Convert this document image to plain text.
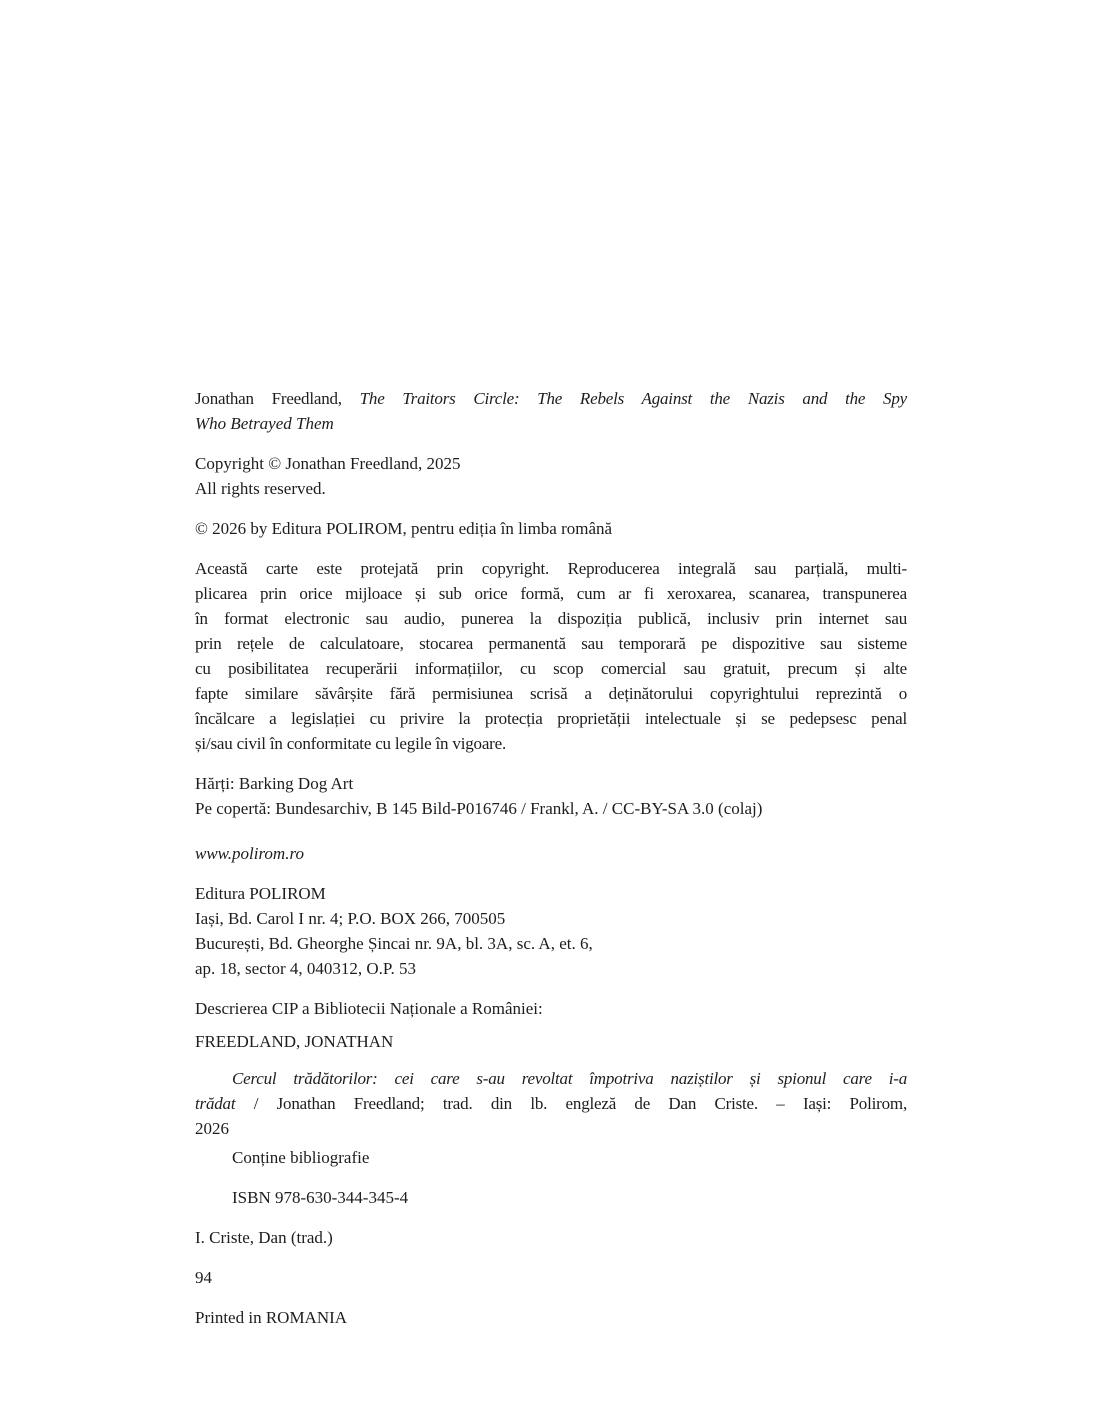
Jonathan Freedland, The Traitors Circle: The Rebels Against the Nazis and the Spy
Who Betrayed Them
Copyright © Jonathan Freedland, 2025
All rights reserved.
© 2026 by Editura POLIROM, pentru ediția în limba română
Această carte este protejată prin copyright. Reproducerea integrală sau parțială, multi-
plicarea prin orice mijloace și sub orice formă, cum ar fi xeroxarea, scanarea, transpunerea
în format electronic sau audio, punerea la dispoziția publică, inclusiv prin internet sau
prin rețele de calculatoare, stocarea permanentă sau temporară pe dispozitive sau sisteme
cu posibilitatea recuperării informațiilor, cu scop comercial sau gratuit, precum și alte
fapte similare săvârșite fără permisiunea scrisă a deținătorului copyrightului reprezintă o
încălcare a legislației cu privire la protecția proprietății intelectuale și se pedepsesc penal
și/sau civil în conformitate cu legile în vigoare.
Hărți: Barking Dog Art
Pe copertă: Bundesarchiv, B 145 Bild-P016746 / Frankl, A. / CC-BY-SA 3.0 (colaj)
www.polirom.ro
Editura POLIROM
Iași, Bd. Carol I nr. 4; P.O. BOX 266, 700505
București, Bd. Gheorghe Șincai nr. 9A, bl. 3A, sc. A, et. 6,
ap. 18, sector 4, 040312, O.P. 53
Descrierea CIP a Bibliotecii Naționale a României:
FREEDLAND, JONATHAN
Cercul trădătorilor: cei care s-au revoltat împotriva naziștilor și spionul care i-a
trădat / Jonathan Freedland; trad. din lb. engleză de Dan Criste. – Iași: Polirom,
2026
Conține bibliografie
ISBN 978-630-344-345-4
I. Criste, Dan (trad.)
94
Printed in ROMANIA
